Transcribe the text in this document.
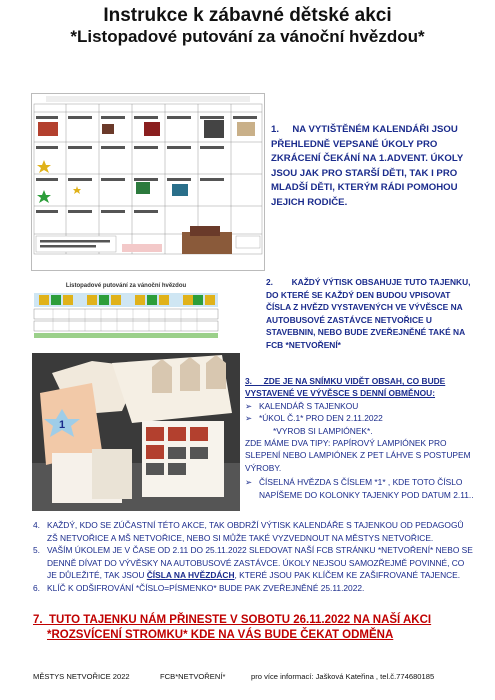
Instrukce k zábavné dětské akci
*Listopadové putování za vánoční hvězdou*
Listopadové putování za vánoční hvězdou
1
1.     NA VYTIŠTĚNÉM KALENDÁŘI JSOU PŘEHLEDNĚ VEPSANÉ ÚKOLY PRO ZKRÁCENÍ ČEKÁNÍ NA 1.ADVENT. ÚKOLY JSOU JAK PRO STARŠÍ DĚTI, TAK I PRO MLADŠÍ DĚTI, KTERÝM RÁDI POMOHOU JEJICH RODIČE.
2.        KAŽDÝ VÝTISK OBSAHUJE TUTO TAJENKU, DO KTERÉ SE KAŽDÝ DEN BUDOU VPISOVAT ČÍSLA Z HVĚZD VYSTAVENÝCH VE VÝVĚSCE NA AUTOBUSOVÉ ZASTÁVCE NETVOŘICE U STAVEBNIN, NEBO BUDE ZVEŘEJNĚNÉ TAKÉ NA FCB *NETVOŘENÍ*
3.     ZDE JE NA SNÍMKU VIDĚT OBSAH, CO BUDE VYSTAVENÉ VE VÝVĚSCE S DENNÍ OBMĚNOU:
➢ KALENDÁŘ S TAJENKOU
➢ *ÚKOL Č.1* PRO DEN 2.11.2022
*VYROB SI LAMPIÓNEK*.
ZDE MÁME DVA TIPY: PAPÍROVÝ LAMPIÓNEK PRO SLEPENÍ NEBO LAMPIÓNEK Z PET LÁHVE S POSTUPEM VÝROBY.
➢ ČÍSELNÁ HVĚZDA S ČÍSLEM *1* , KDE TOTO ČÍSLO NAPÍŠEME DO KOLONKY TAJENKY POD DATUM 2.11..
4. KAŽDÝ, KDO SE ZÚČASTNÍ TÉTO AKCE, TAK OBDRŽÍ VÝTISK KALENDÁŘE S TAJENKOU OD PEDAGOGŮ ZŠ NETVOŘICE A MŠ NETVOŘICE, NEBO SI MŮŽE TAKÉ VYZVEDNOUT NA MĚSTYS NETVOŘICE.
5. VAŠÍM ÚKOLEM JE V ČASE OD 2.11 DO 25.11.2022 SLEDOVAT NAŠÍ FCB STRÁNKU *NETVOŘENÍ* NEBO SE DENNĚ DÍVAT DO VÝVĚSKY NA AUTOBUSOVÉ ZASTÁVCE. ÚKOLY NEJSOU SAMOZŘEJMĚ POVINNÉ, CO JE DŮLEŽITÉ, TAK JSOU ČÍSLA NA HVĚZDÁCH, KTERÉ JSOU PAK KLÍČEM KE ZAŠIFROVANÉ TAJENCE.
6. KLÍČ K ODŠIFROVÁNÍ *ČÍSLO=PÍSMENKO* BUDE PAK ZVEŘEJNĚNÉ 25.11.2022.
7.  TUTO TAJENKU NÁM PŘINESTE V SOBOTU 26.11.2022 NA NAŠÍ AKCI
*ROZSVÍCENÍ STROMKU* KDE NA VÁS BUDE ČEKAT ODMĚNA
MĚSTYS NETVOŘICE 2022	FCB*NETVOŘENÍ*	pro více informací: Jašková Kateřina , tel.č.774680185
